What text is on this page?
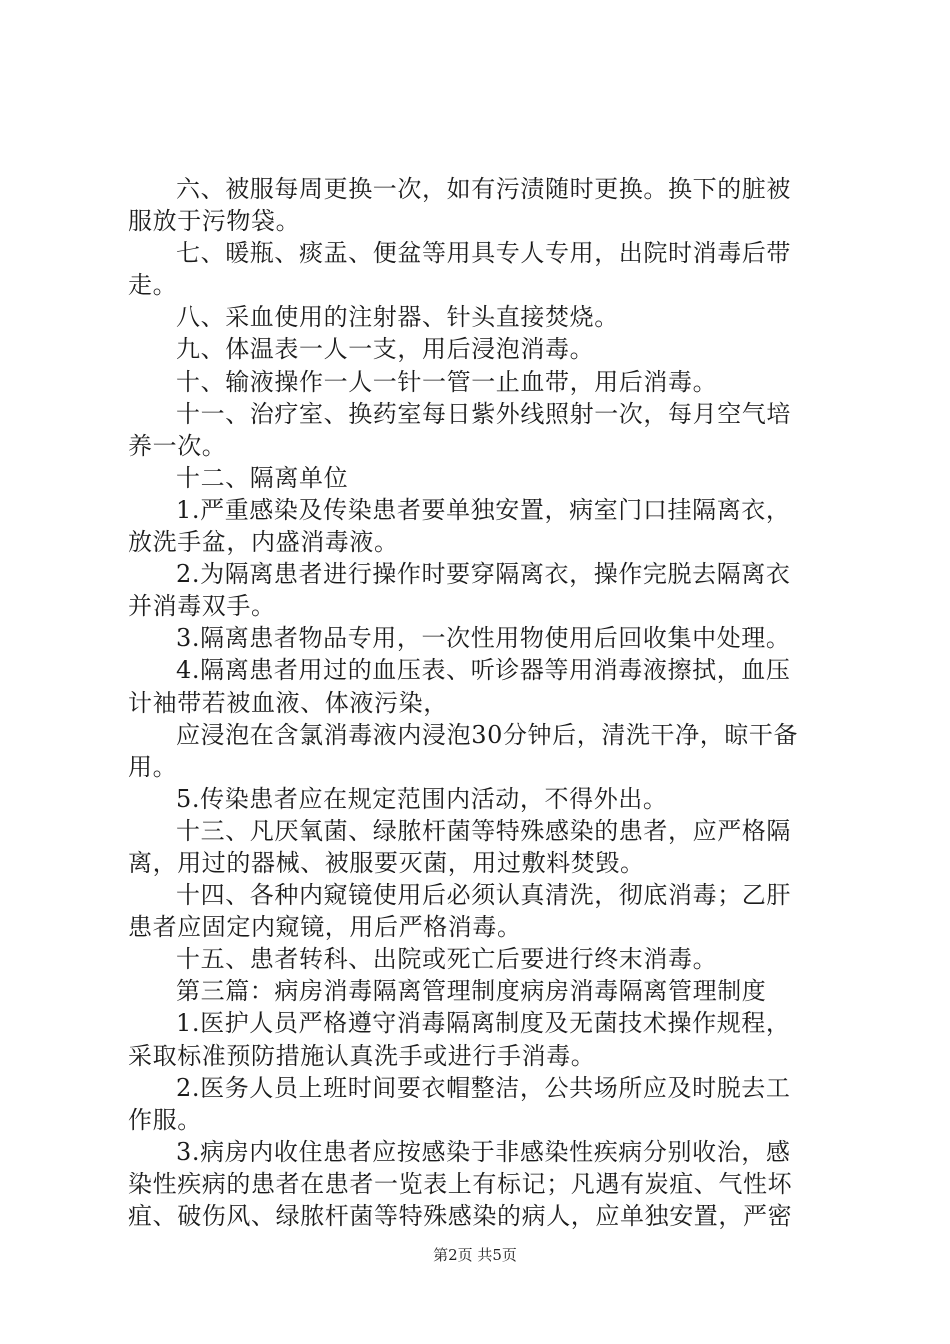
六、被服每周更换一次，如有污渍随时更换。换下的脏被
服放于污物袋。
七、暖瓶、痰盂、便盆等用具专人专用，出院时消毒后带
走。
八、采血使用的注射器、针头直接焚烧。
九、体温表一人一支，用后浸泡消毒。
十、输液操作一人一针一管一止血带，用后消毒。
十一、治疗室、换药室每日紫外线照射一次，每月空气培
养一次。
十二、隔离单位
1.严重感染及传染患者要单独安置，病室门口挂隔离衣，
放洗手盆，内盛消毒液。
2.为隔离患者进行操作时要穿隔离衣，操作完脱去隔离衣
并消毒双手。
3.隔离患者物品专用，一次性用物使用后回收集中处理。
4.隔离患者用过的血压表、听诊器等用消毒液擦拭，血压
计袖带若被血液、体液污染，
应浸泡在含氯消毒液内浸泡30分钟后，清洗干净，晾干备
用。
5.传染患者应在规定范围内活动，不得外出。
十三、凡厌氧菌、绿脓杆菌等特殊感染的患者，应严格隔
离，用过的器械、被服要灭菌，用过敷料焚毁。
十四、各种内窥镜使用后必须认真清洗，彻底消毒；乙肝
患者应固定内窥镜，用后严格消毒。
十五、患者转科、出院或死亡后要进行终末消毒。
第三篇：病房消毒隔离管理制度病房消毒隔离管理制度
1.医护人员严格遵守消毒隔离制度及无菌技术操作规程，
采取标准预防措施认真洗手或进行手消毒。
2.医务人员上班时间要衣帽整洁，公共场所应及时脱去工
作服。
3.病房内收住患者应按感染于非感染性疾病分别收治，感
染性疾病的患者在患者一览表上有标记；凡遇有炭疽、气性坏
疽、破伤风、绿脓杆菌等特殊感染的病人，应单独安置，严密
第2页 共5页
